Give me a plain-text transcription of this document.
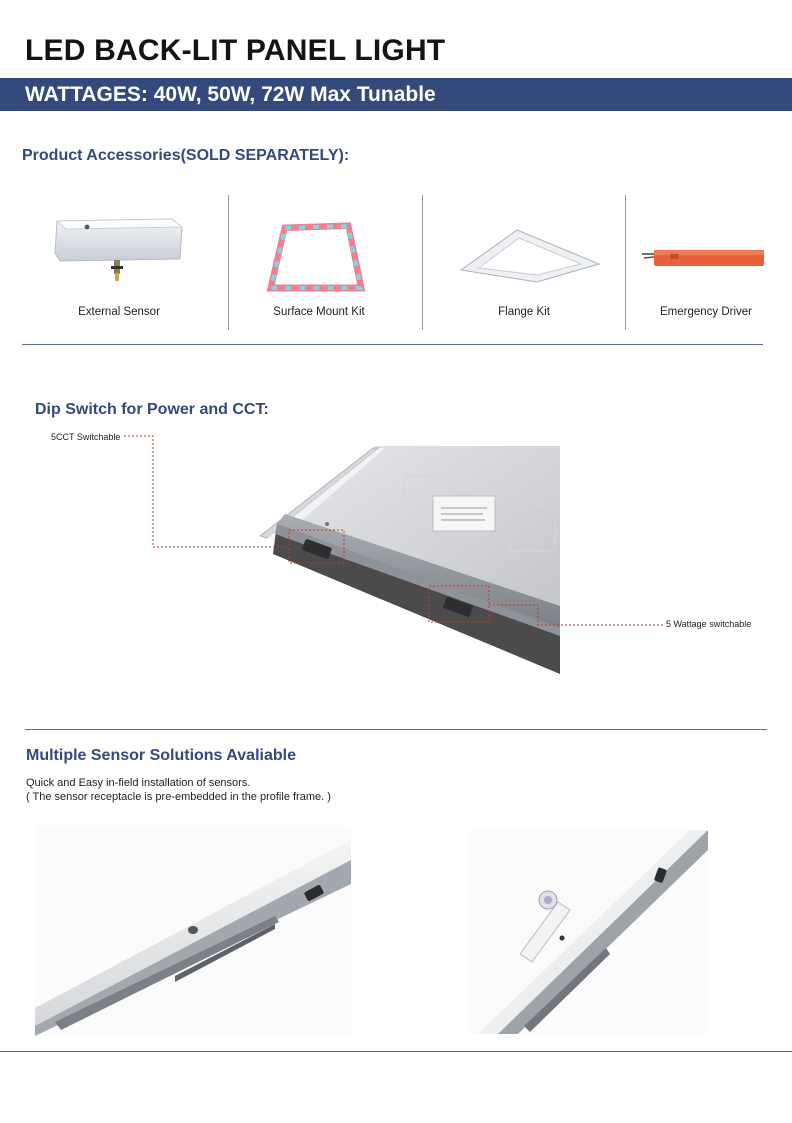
LED BACK-LIT PANEL LIGHT
WATTAGES: 40W, 50W, 72W Max Tunable
Product Accessories(SOLD SEPARATELY):
External Sensor	Surface Mount Kit	Flange Kit	Emergency Driver
Dip Switch for Power and CCT:
5CCT Switchable
5 Wattage switchable
Multiple Sensor Solutions Avaliable
Quick and Easy in-field installation of sensors.
( The sensor receptacle is pre-embedded in the profile frame. )
